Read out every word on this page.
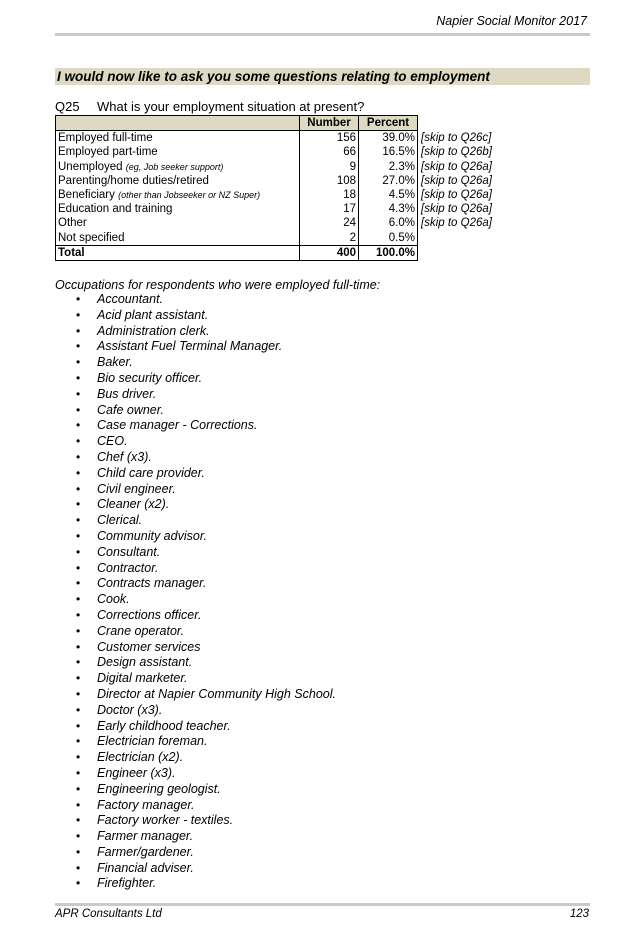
Napier Social Monitor 2017
I would now like to ask you some questions relating to employment
Q25 What is your employment situation at present?
	Number	Percent	
Employed full-time	156	39.0%	[skip to Q26c]
Employed part-time	66	16.5%	[skip to Q26b]
Unemployed (eg, Job seeker support)	9	2.3%	[skip to Q26a]
Parenting/home duties/retired	108	27.0%	[skip to Q26a]
Beneficiary (other than Jobseeker or NZ Super)	18	4.5%	[skip to Q26a]
Education and training	17	4.3%	[skip to Q26a]
Other	24	6.0%	[skip to Q26a]
Not specified	2	0.5%	
Total	400	100.0%	
Occupations for respondents who were employed full-time:
• Accountant.
• Acid plant assistant.
• Administration clerk.
• Assistant Fuel Terminal Manager.
• Baker.
• Bio security officer.
• Bus driver.
• Cafe owner.
• Case manager - Corrections.
• CEO.
• Chef (x3).
• Child care provider.
• Civil engineer.
• Cleaner (x2).
• Clerical.
• Community advisor.
• Consultant.
• Contractor.
• Contracts manager.
• Cook.
• Corrections officer.
• Crane operator.
• Customer services
• Design assistant.
• Digital marketer.
• Director at Napier Community High School.
• Doctor (x3).
• Early childhood teacher.
• Electrician foreman.
• Electrician (x2).
• Engineer (x3).
• Engineering geologist.
• Factory manager.
• Factory worker - textiles.
• Farmer manager.
• Farmer/gardener.
• Financial adviser.
• Firefighter.
APR Consultants Ltd	123
